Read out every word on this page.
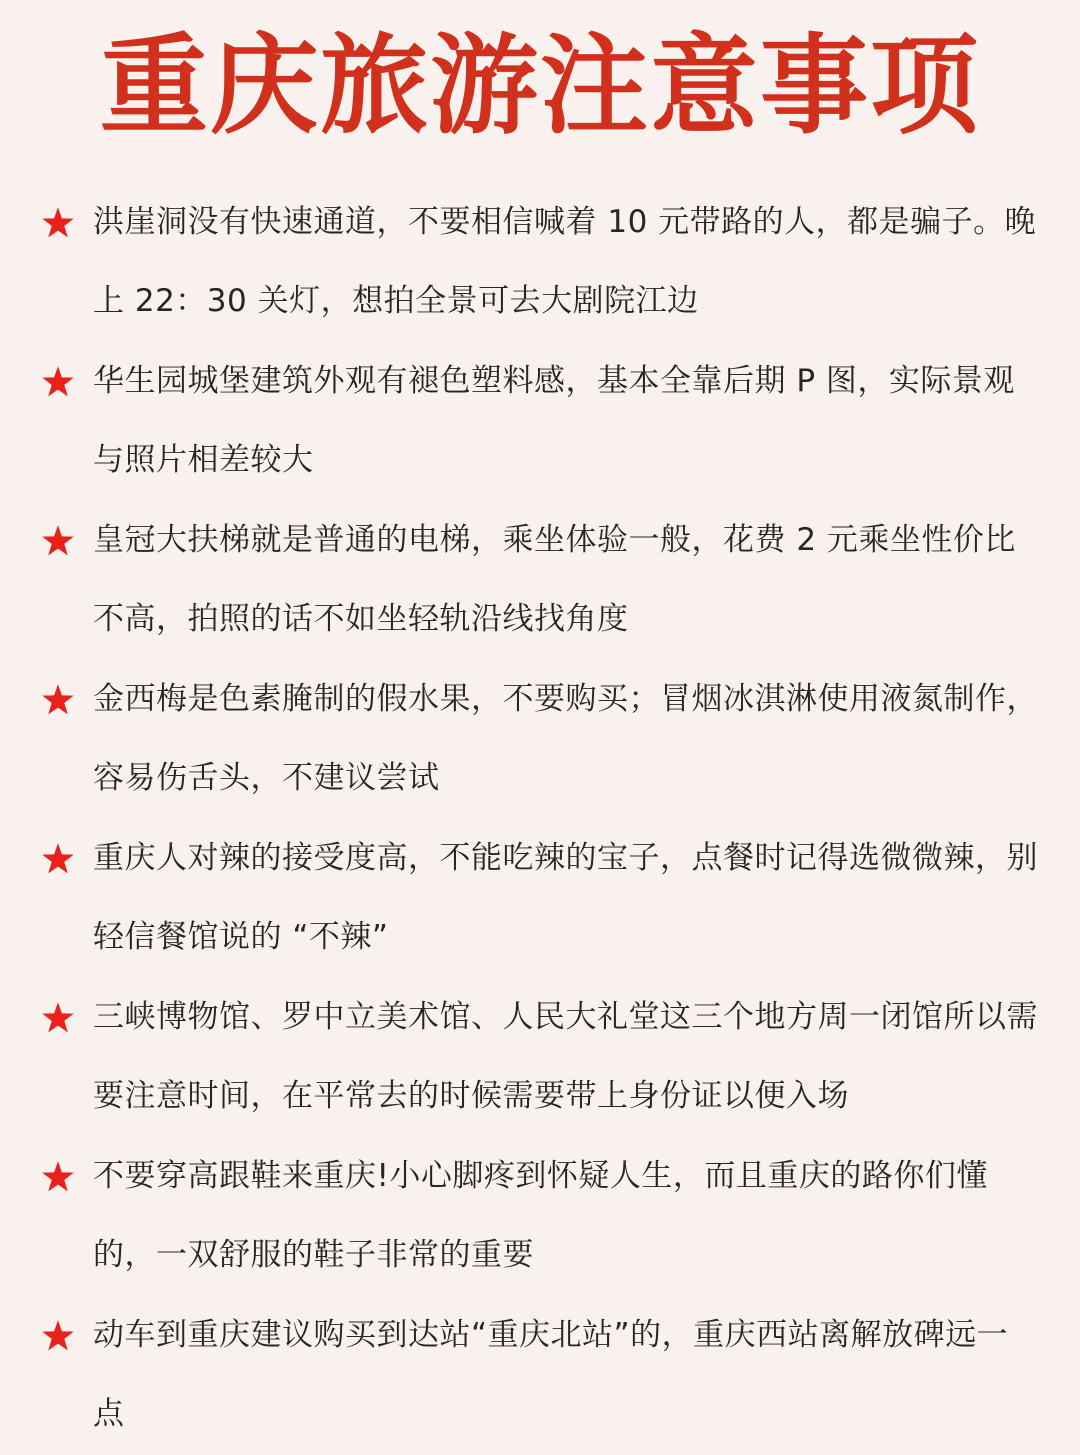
重庆旅游注意事项
洪崖洞没有快速通道，不要相信喊着 10 元带路的人，都是骗子。晚上 22：30 关灯，想拍全景可去大剧院江边
华生园城堡建筑外观有褪色塑料感，基本全靠后期 P 图，实际景观与照片相差较大
皇冠大扶梯就是普通的电梯，乘坐体验一般，花费 2 元乘坐性价比不高，拍照的话不如坐轻轨沿线找角度
金西梅是色素腌制的假水果，不要购买；冒烟冰淇淋使用液氮制作，容易伤舌头，不建议尝试
重庆人对辣的接受度高，不能吃辣的宝子，点餐时记得选微微辣，别轻信餐馆说的 “不辣”
三峡博物馆、罗中立美术馆、人民大礼堂这三个地方周一闭馆所以需要注意时间，在平常去的时候需要带上身份证以便入场
不要穿高跟鞋来重庆!小心脚疼到怀疑人生，而且重庆的路你们懂的，一双舒服的鞋子非常的重要
动车到重庆建议购买到达站“重庆北站”的，重庆西站离解放碑远一点
